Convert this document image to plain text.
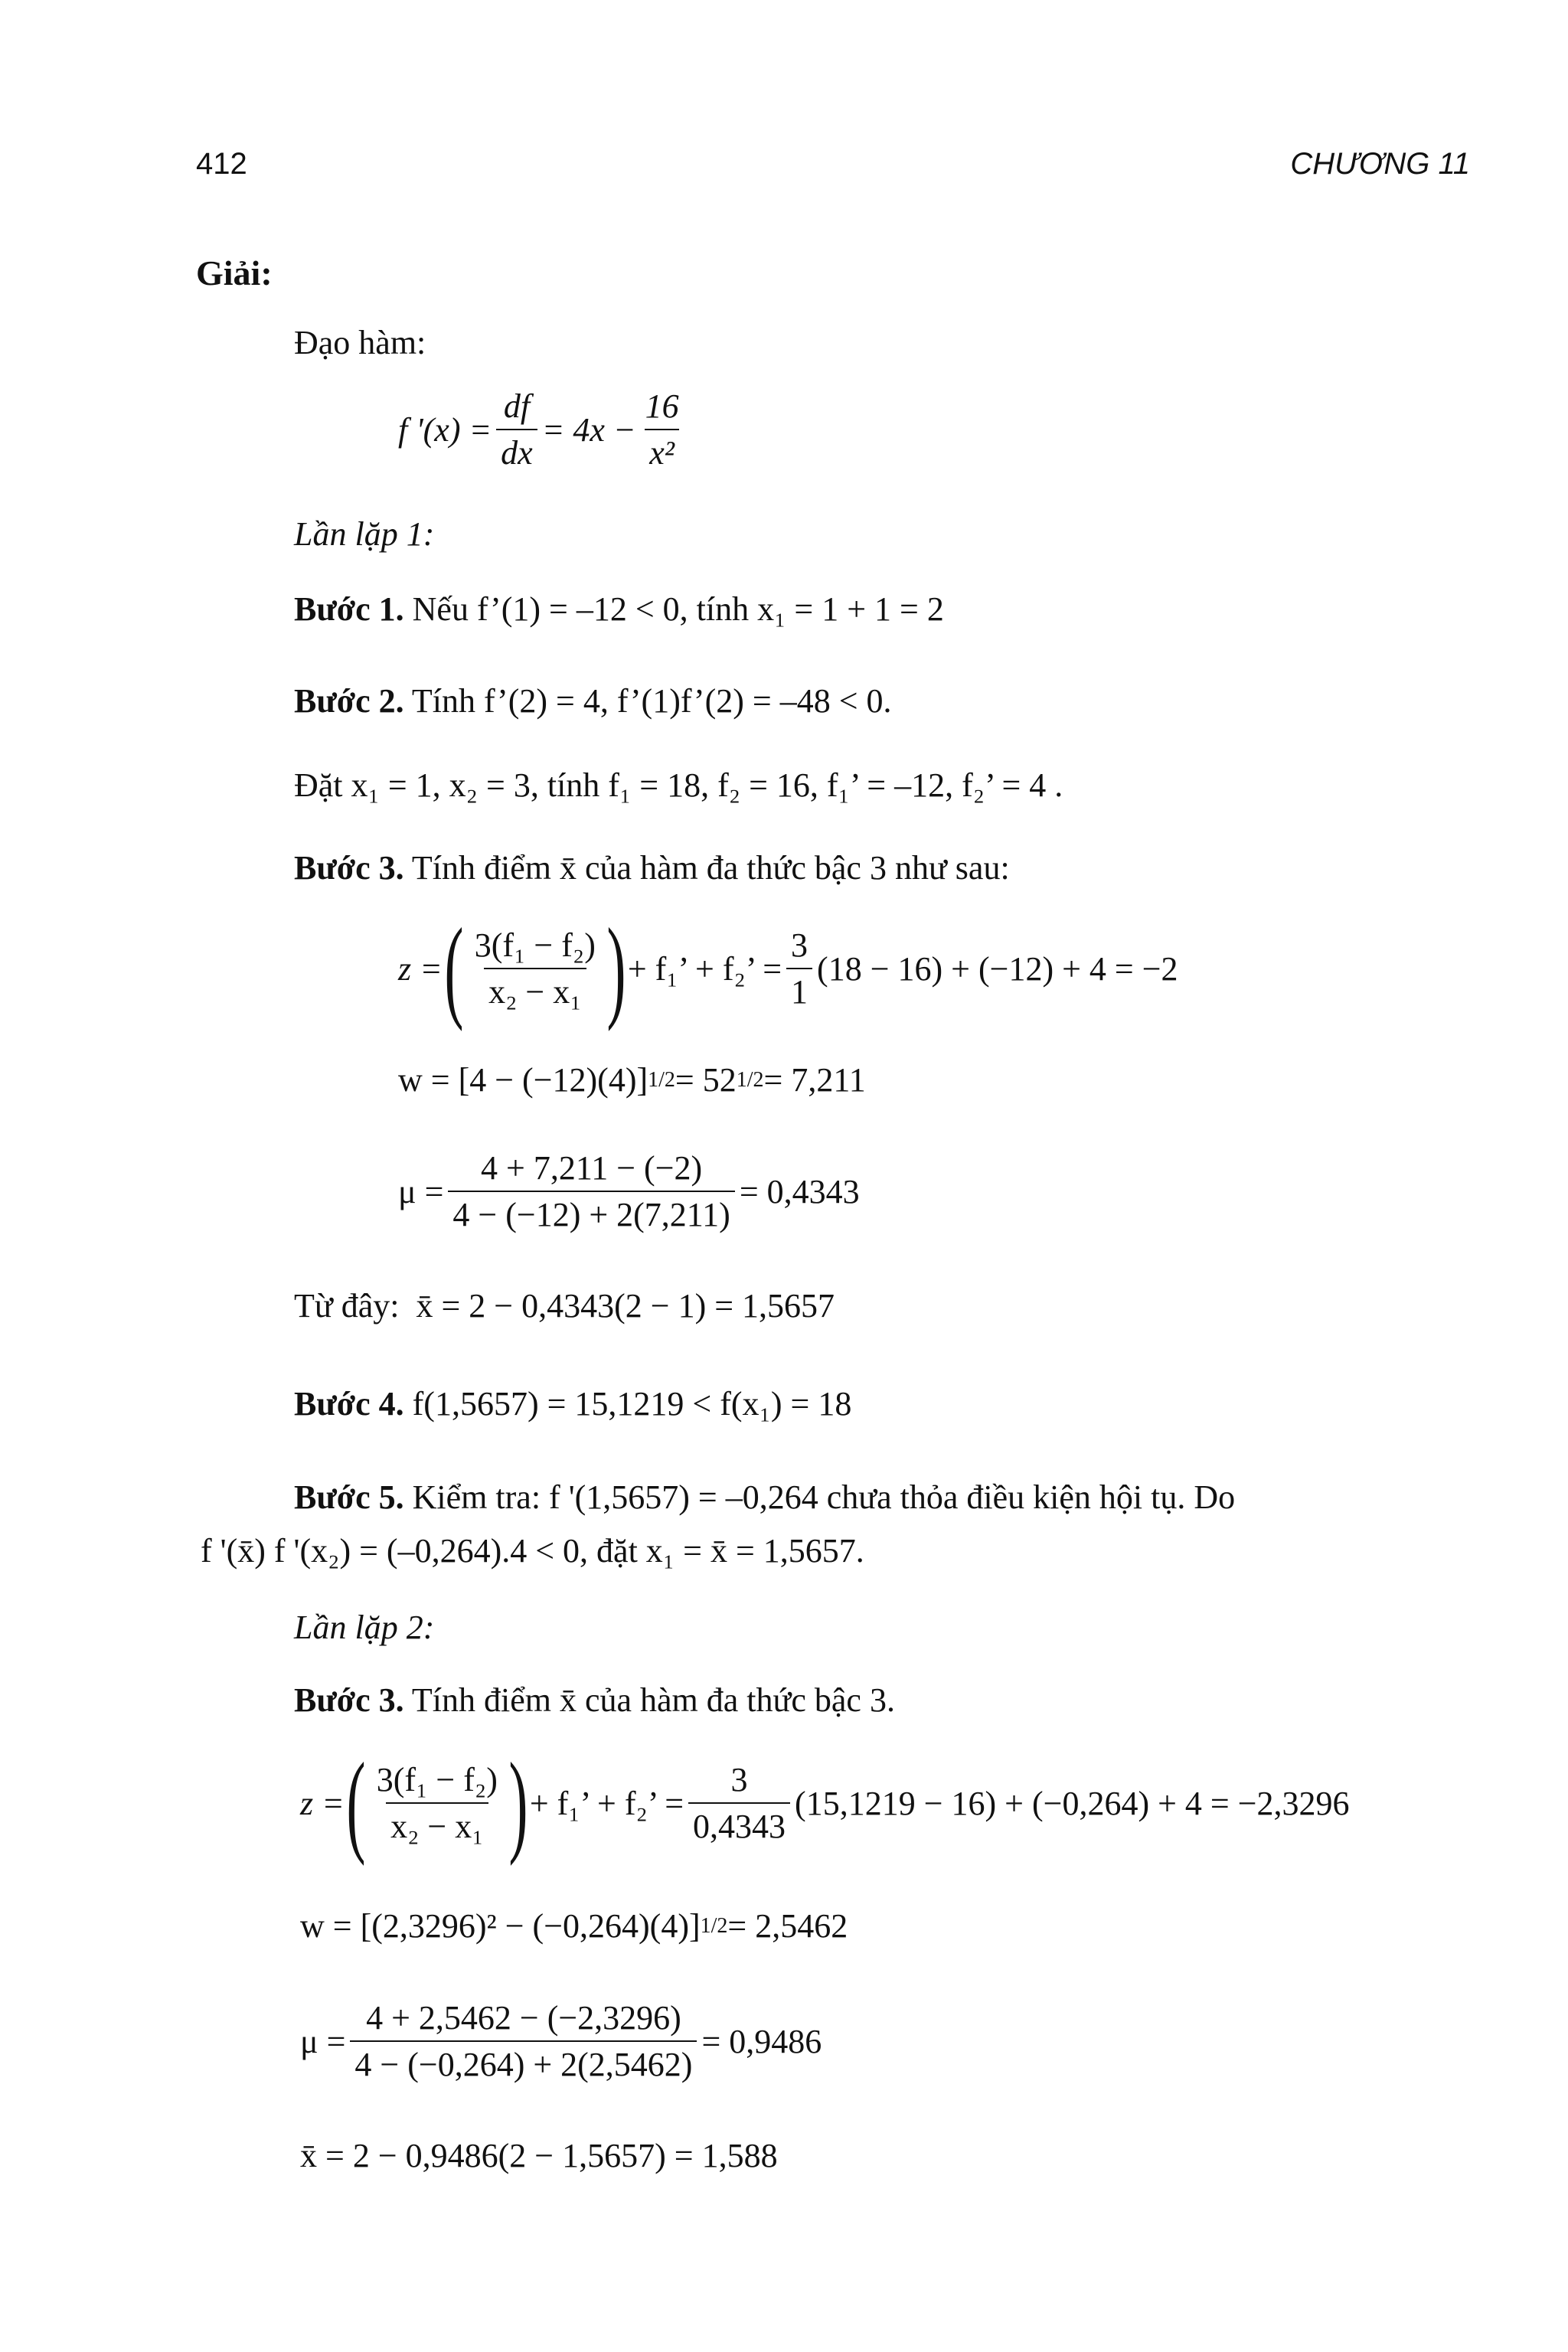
412	CHƯƠNG 11
Giải:
Đạo hàm:
f '$(x) = \frac{df}{dx} = 4x - \frac{16}{\text{x²}}$
Lần lặp 1:
Bước 1. Nếu f’(1) = –12 < 0, tính x₁ = 1 + 1 = 2
Bước 2. Tính f’(2) = 4, f’(1)f’(2) = –48 < 0.
Đặt x₁ = 1, x₂ = 3, tính f₁ = 18, f₂ = 16, f₁’ = –12, f₂’ = 4 .
Bước 3. Tính điểm x̄ của hàm đa thức bậc 3 như sau:
z = ( $\frac{\text{3(f₁ − f₂)}}{\text{x₂ − x₁}}$ ) + f₁’ + f₂’ = $\frac{3}{1} (18 - 16) + (-12) + 4 = -2$
w = [4 − (−12)(4)] 1/2 = 52 1/2 = 7,211
$\mu = \frac{4 + 7,211 - (-2)}{4 - (-12) + 2(7,211)} = 0,4343$
Từ đây: x̄ = 2 − 0,4343(2 − 1) = 1,5657
Bước 4. f(1,5657) = 15,1219 < f(x₁) = 18
Bước 5. Kiểm tra: f '(1,5657) = –0,264 chưa thỏa điều kiện hội tụ. Do
f '(x̄) f '(x₂) = (–0,264).4 < 0, đặt x₁ = x̄ = 1,5657.
Lần lặp 2:
Bước 3. Tính điểm x̄ của hàm đa thức bậc 3.
z = ( $\frac{\text{3(f₁ − f₂)}}{\text{x₂ − x₁}}$ ) + f₁’ + f₂’ = $\frac{3}{0,4343} (15,1219 - 16) + (-0,264) + 4 = -2,3296$
w = [(2,3296)² − (−0,264)(4)] 1/2 = 2,5462
$\mu = \frac{4 + 2,5462 - (-2,3296)}{4 - (-0,264) + 2(2,5462)} = 0,9486$
x̄ = 2 − 0,9486(2 − 1,5657) = 1,588
